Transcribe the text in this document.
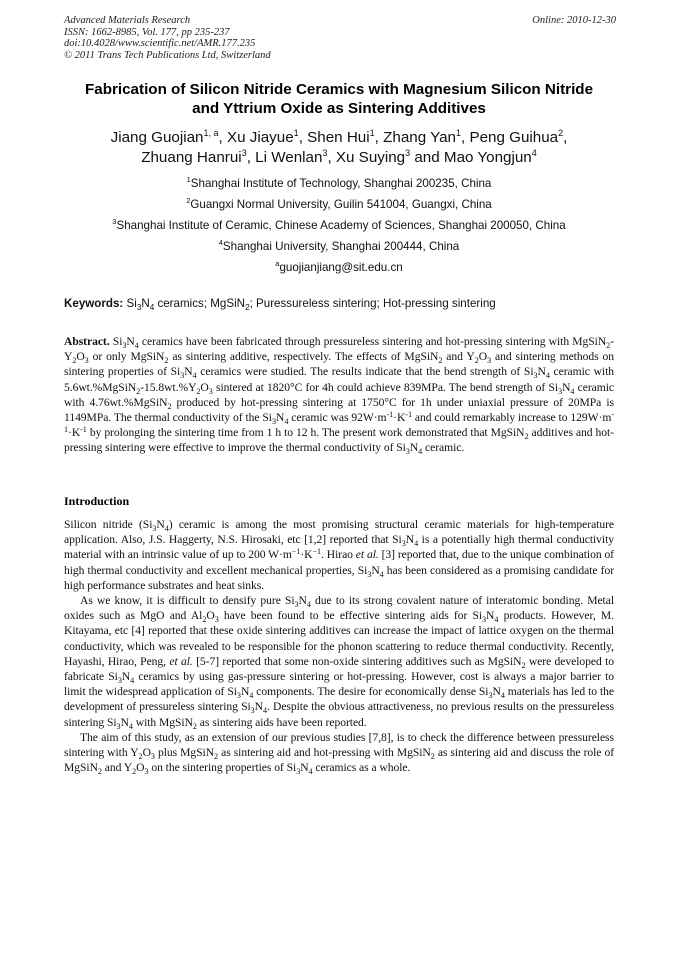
Advanced Materials Research
ISSN: 1662-8985, Vol. 177, pp 235-237
doi:10.4028/www.scientific.net/AMR.177.235
© 2011 Trans Tech Publications Ltd, Switzerland
Online: 2010-12-30
Fabrication of Silicon Nitride Ceramics with Magnesium Silicon Nitride
and Yttrium Oxide as Sintering Additives
Jiang Guojian$^{1, a}$, Xu Jiayue$^1$, Shen Hui$^1$, Zhang Yan$^1$, Peng Guihua$^2$,
Zhuang Hanrui$^3$, Li Wenlan$^3$, Xu Suying$^3$ and Mao Yongjun$^4$
$^1$Shanghai Institute of Technology, Shanghai 200235, China
$^2$Guangxi Normal University, Guilin 541004, Guangxi, China
$^3$Shanghai Institute of Ceramic, Chinese Academy of Sciences, Shanghai 200050, China
$^4$Shanghai University, Shanghai 200444, China
$^a$guojianjiang@sit.edu.cn
Keywords: $Si_3N_4$ ceramics; MgSiN$_2$; Puressureless sintering; Hot-pressing sintering
Abstract. $Si_3N_4$ ceramics have been fabricated through pressureless sintering and hot-pressing sintering with $MgSiN_2-Y_2O_3$ or only MgSiN$_2$ as sintering additive, respectively. The effects of MgSiN$_2$ and $Y_2O_3$ and sintering methods on sintering properties of $Si_3N_4$ ceramics were studied. The results indicate that the bend strength of $Si_3N_4$ ceramic with $5.6wt.\%MgSiN_2-15.8wt.\%Y_2O_3$ sintered at 1820°C for 4h could achieve 839MPa. The bend strength of $Si_3N_4$ ceramic with 4.76wt.%MgSiN$_2$ produced by hot-pressing sintering at 1750°C for 1h under uniaxial pressure of 20MPa is 1149MPa. The thermal conductivity of the $Si_3N_4$ ceramic was $92W\cdot m^{-1}\cdot K^{-1}$ and could remarkably increase to $129W\cdot m^{-1}\cdot K^{-1}$ by prolonging the sintering time from 1 h to 12 h. The present work demonstrated that MgSiN$_2$ additives and hot-pressing sintering were effective to improve the thermal conductivity of $Si_3N_4$ ceramic.
Introduction

Silicon nitride $(Si_3N_4)$ ceramic is among the most promising structural ceramic materials for high-temperature application. Also, J.S. Haggerty, N.S. Hirosaki, etc [1,2] reported that $Si_3N_4$ is a potentially high thermal conductivity material with an intrinsic value of up to 200 $W\cdot m^{-1}\cdot K^{-1}$. Hirao et al. [3] reported that, due to the unique combination of high thermal conductivity and excellent mechanical properties, $Si_3N_4$ has been considered as a promising candidate for high performance substrates and heat sinks.

As we know, it is difficult to densify pure $Si_3N_4$ due to its strong covalent nature of interatomic bonding. Metal oxides such as MgO and $Al_2O_3$ have been found to be effective sintering aids for $Si_3N_4$ products. However, M. Kitayama, etc [4] reported that these oxide sintering additives can increase the impact of lattice oxygen on the thermal conductivity, which was revealed to be responsible for the phonon scattering to reduce thermal conductivity. Recently, Hayashi, Hirao, Peng, et al. [5-7] reported that some non-oxide sintering additives such as MgSiN$_2$ were developed to fabricate $Si_3N_4$ ceramics by using gas-pressure sintering or hot-pressing. However, cost is always a major barrier to limit the widespread application of $Si_3N_4$ components. The desire for economically dense $Si_3N_4$ materials has led to the development of pressureless sintering $Si_3N_4$. Despite the obvious attractiveness, no previous results on the pressureless sintering $Si_3N_4$ with MgSiN$_2$ as sintering aids have been reported.

The aim of this study, as an extension of our previous studies [7,8], is to check the difference between pressureless sintering with $Y_2O_3$ plus MgSiN$_2$ as sintering aid and hot-pressing with MgSiN$_2$ as sintering aid and discuss the role of MgSiN$_2$ and $Y_2O_3$ on the sintering properties of $Si_3N_4$ ceramics as a whole.
